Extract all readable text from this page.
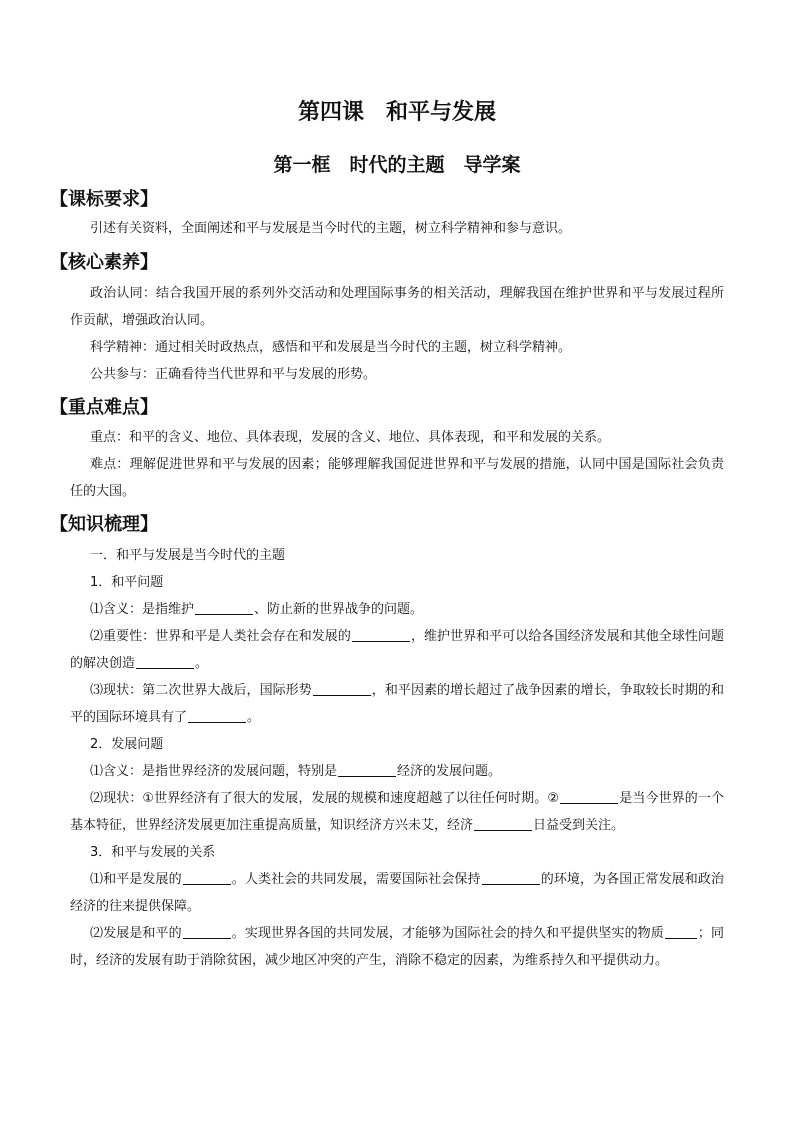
第四课　和平与发展
第一框　时代的主题　导学案
【课标要求】

引述有关资料，全面阐述和平与发展是当今时代的主题，树立科学精神和参与意识。

【核心素养】

政治认同：结合我国开展的系列外交活动和处理国际事务的相关活动，理解我国在维护世界和平与发展过程所作贡献，增强政治认同。

科学精神：通过相关时政热点，感悟和平和发展是当今时代的主题，树立科学精神。

公共参与：正确看待当代世界和平与发展的形势。

【重点难点】

重点：和平的含义、地位、具体表现，发展的含义、地位、具体表现，和平和发展的关系。

难点：理解促进世界和平与发展的因素；能够理解我国促进世界和平与发展的措施，认同中国是国际社会负责任的大国。

【知识梳理】

一．和平与发展是当今时代的主题

1．和平问题

⑴含义：是指维护	、防止新的世界战争的问题。

⑵重要性：世界和平是人类社会存在和发展的	，维护世界和平可以给各国经济发展和其他全球性问题的解决创造	。

⑶现状：第二次世界大战后，国际形势	，和平因素的增长超过了战争因素的增长，争取较长时期的和平的国际环境具有了	。

2．发展问题

⑴含义：是指世界经济的发展问题，特别是	经济的发展问题。

⑵现状：①世界经济有了很大的发展，发展的规模和速度超越了以往任何时期。②	是当今世界的一个基本特征，世界经济发展更加注重提高质量，知识经济方兴未艾，经济	日益受到关注。

3．和平与发展的关系

⑴和平是发展的	。人类社会的共同发展，需要国际社会保持	的环境，为各国正常发展和政治经济的往来提供保障。

⑵发展是和平的	。实现世界各国的共同发展，才能够为国际社会的持久和平提供坚实的物质	；同时，经济的发展有助于消除贫困，减少地区冲突的产生，消除不稳定的因素，为维系持久和平提供动力。
